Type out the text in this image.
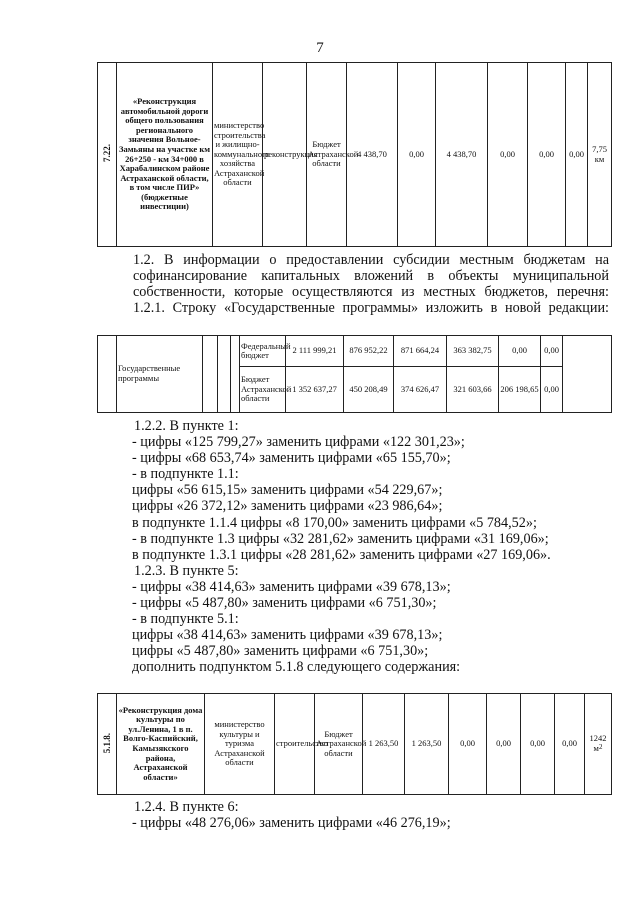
7
7.22.	«Реконструкция автомобильной дороги общего пользования регионального значения Вольное-Замьяны на участке км 26+250 - км 34+000 в Харабалинском районе Астраханской области, в том числе ПИР» (бюджетные инвестиции)	министерство строительства и жилищно-коммунального хозяйства Астраханской области	реконструкция	Бюджет Астраханской области	4 438,70	0,00	4 438,70	0,00	0,00	0,00	7,75 км
1.2. В информации о предоставлении субсидии местным бюджетам на софинансирование капитальных вложений в объекты муниципальной собственности, которые осуществляются из местных бюджетов, перечня:
1.2.1. Строку «Государственные программы» изложить в новой редакции:
	Государственные программы				Федеральный бюджет	2 111 999,21	876 952,22	871 664,24	363 382,75	0,00	0,00	
					Бюджет Астраханской области	1 352 637,27	450 208,49	374 626,47	321 603,66	206 198,65	0,00	
1.2.2. В пункте 1:
- цифры «125 799,27» заменить цифрами «122 301,23»;
- цифры «68 653,74» заменить цифрами «65 155,70»;
- в подпункте 1.1:
цифры «56 615,15» заменить цифрами «54 229,67»;
цифры «26 372,12» заменить цифрами «23 986,64»;
в подпункте 1.1.4 цифры «8 170,00» заменить цифрами «5 784,52»;
- в подпункте 1.3 цифры «32 281,62» заменить цифрами «31 169,06»;
в подпункте 1.3.1 цифры «28 281,62» заменить цифрами «27 169,06».
1.2.3. В пункте 5:
- цифры «38 414,63» заменить цифрами «39 678,13»;
- цифры «5 487,80» заменить цифрами «6 751,30»;
- в подпункте 5.1:
цифры «38 414,63» заменить цифрами «39 678,13»;
цифры «5 487,80» заменить цифрами «6 751,30»;
дополнить подпунктом 5.1.8 следующего содержания:
5.1.8.	«Реконструкция дома культуры по ул.Ленина, 1 в п. Волго-Каспийский, Камызякского района, Астраханской области»	министерство культуры и туризма Астраханской области	строительство	Бюджет Астраханской области	1 263,50	1 263,50	0,00	0,00	0,00	0,00	1242 $м^2$
1.2.4. В пункте 6:
- цифры «48 276,06» заменить цифрами «46 276,19»;
